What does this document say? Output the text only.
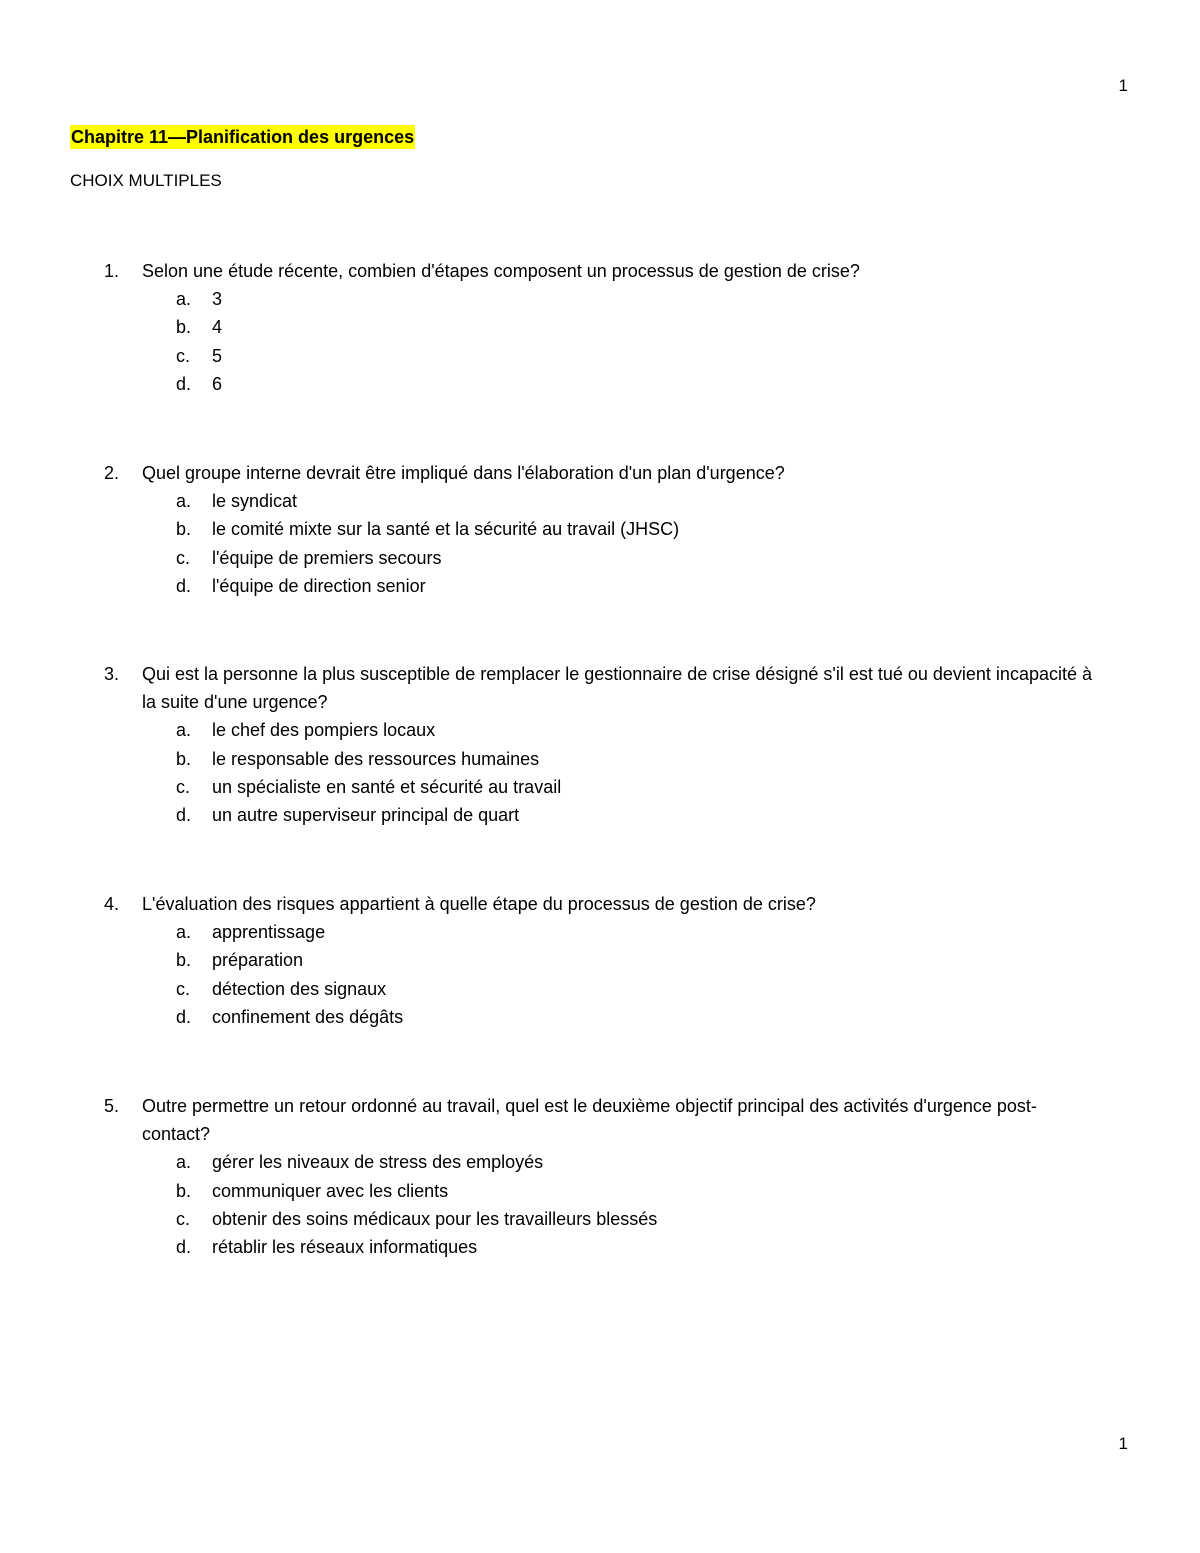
1
Chapitre 11—Planification des urgences
CHOIX MULTIPLES
1.	Selon une étude récente, combien d'étapes composent un processus de gestion de crise?
a. 3
b. 4
c. 5
d. 6
2.	Quel groupe interne devrait être impliqué dans l'élaboration d'un plan d'urgence?
a. le syndicat
b. le comité mixte sur la santé et la sécurité au travail (JHSC)
c. l'équipe de premiers secours
d. l'équipe de direction senior
3.	Qui est la personne la plus susceptible de remplacer le gestionnaire de crise désigné s'il est tué ou devient incapacité à la suite d'une urgence?
a. le chef des pompiers locaux
b. le responsable des ressources humaines
c. un spécialiste en santé et sécurité au travail
d. un autre superviseur principal de quart
4.	L'évaluation des risques appartient à quelle étape du processus de gestion de crise?
a. apprentissage
b. préparation
c. détection des signaux
d. confinement des dégâts
5.	Outre permettre un retour ordonné au travail, quel est le deuxième objectif principal des activités d'urgence post-contact?
a. gérer les niveaux de stress des employés
b. communiquer avec les clients
c. obtenir des soins médicaux pour les travailleurs blessés
d. rétablir les réseaux informatiques
1
